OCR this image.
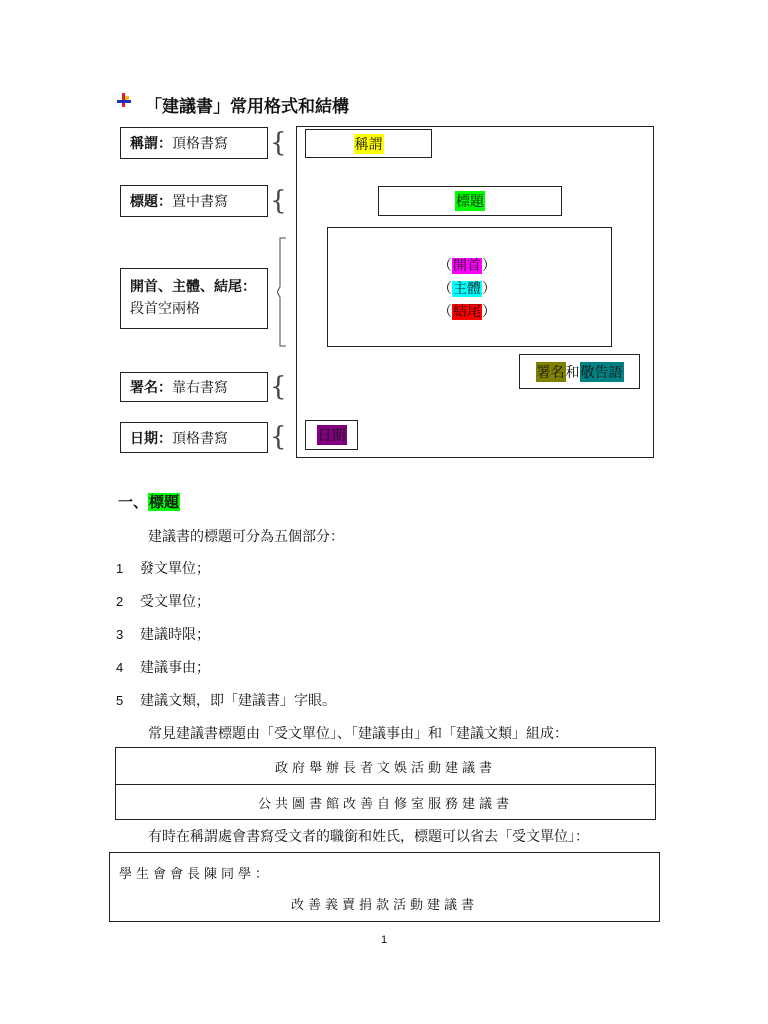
「建議書」常用格式和結構
稱謂 ： 頂格書寫 {
標題 ： 置中書寫 {
開首、主體、結尾：
段首空兩格
署名 ： 靠右書寫 {
日期 ： 頂格書寫 {
稱謂
標題
（開首）
（主體）
（結尾）
署名 和 敬告語
日期
一、標題
建議書的標題可分為五個部分：
1 發文單位；
2 受文單位；
3 建議時限；
4 建議事由；
5 建議文類，即「建議書」字眼。
常見建議書標題由「受文單位」、「建議事由」和「建議文類」組成：
政府舉辦長者文娛活動建議書
公共圖書館改善自修室服務建議書
有時在稱謂處會書寫受文者的職銜和姓氏，標題可以省去「受文單位」：
學生會會長陳同學：
改善義賣捐款活動建議書
1
